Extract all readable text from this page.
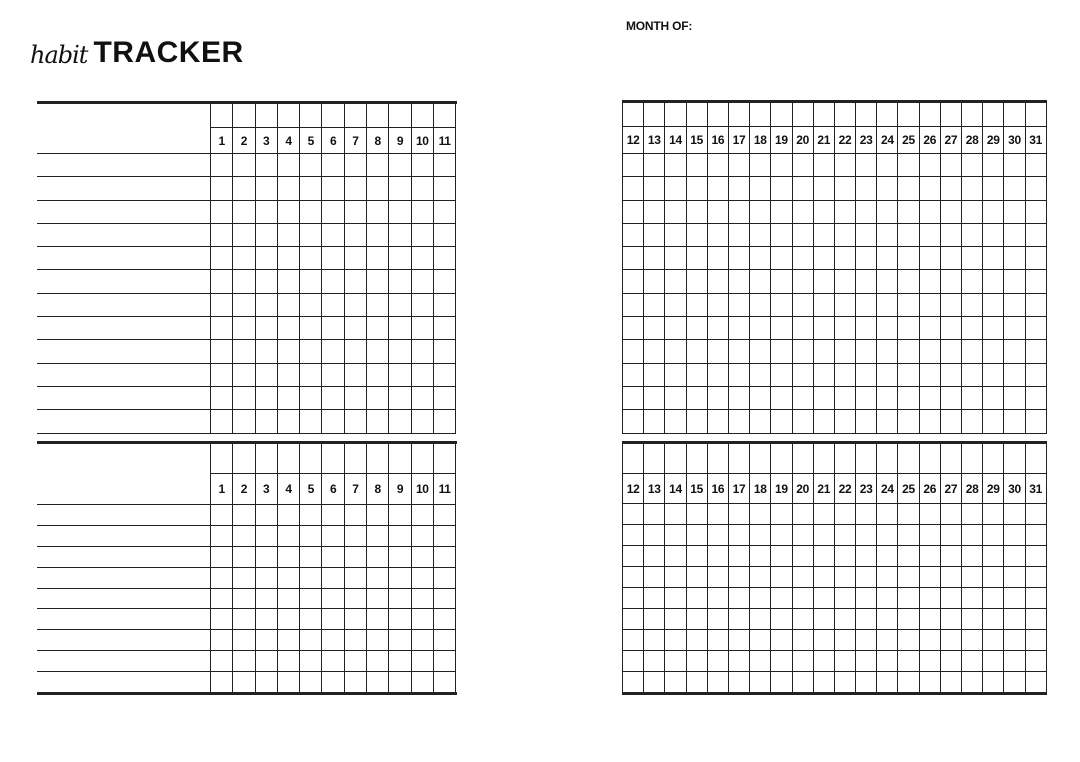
habit TRACKER
MONTH OF:
1	2	3	4	5	6	7	8	9	10 11
1	2	3	4	5	6	7	8	9	10 11
12 13 14 15 16 17 18 19 20 21 22 23 24 25 26 27 28 29 30 31
12 13 14 15 16 17 18 19 20 21 22 23 24 25 26 27 28 29 30 31
